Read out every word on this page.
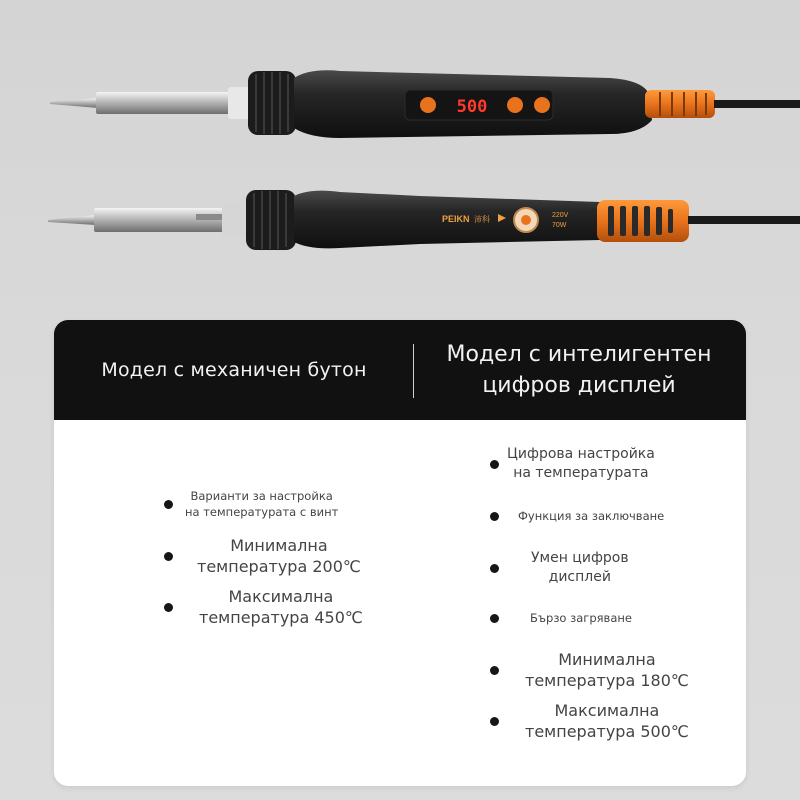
500
PEIKN 沛科	220V
70W
Модел с механичен бутон
Модел с интелигентен
цифров дисплей
Варианти за настройка
на температурата с винт
Минимална
температура 200℃
Максимална
температура 450℃
Цифрова настройка
на температурата
Функция за заключване
Умен цифров
дисплей
Бързо загряване
Минимална
температура 180℃
Максимална
температура 500℃
